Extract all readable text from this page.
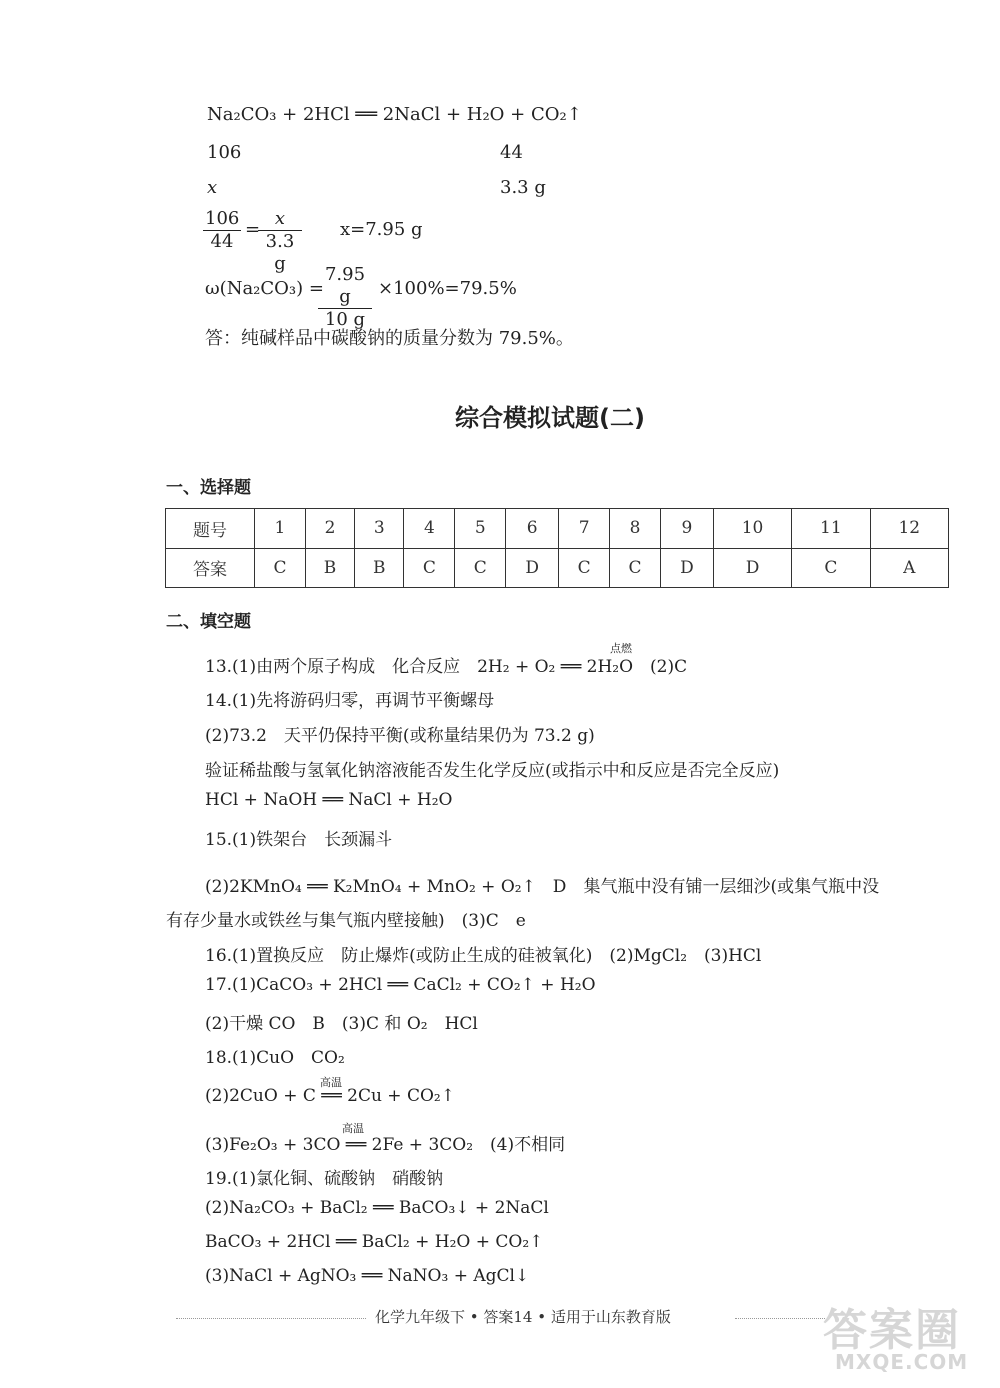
Na₂CO₃ + 2HCl ══ 2NaCl + H₂O + CO₂↑
106	44
x	3.3 g
$\frac{106}{44}$ =
$\frac{x}{3.3 g} x=7.95$ g
ω(Na₂CO₃) =
$\frac{7.95 g}{10 g} \times 100\%=79.5\%$
答：纯碱样品中碳酸钠的质量分数为 79.5%。
综合模拟试题(二)
一、选择题
题号	1	2	3	4	5	6	7	8	9	10	11	12
答案	C	B	B	C	C	D	C	C	D	D	C	A
二、填空题
13.(1)由两个原子构成　化合反应　2H₂ + O₂ ══ 2H₂O　(2)C
点燃
14.(1)先将游码归零，再调节平衡螺母
(2)73.2　天平仍保持平衡(或称量结果仍为 73.2 g)
验证稀盐酸与氢氧化钠溶液能否发生化学反应(或指示中和反应是否完全反应)
HCl + NaOH ══ NaCl + H₂O
15.(1)铁架台　长颈漏斗
(2)2KMnO₄ ══ K₂MnO₄ + MnO₂ + O₂↑　D　集气瓶中没有铺一层细沙(或集气瓶中没
有存少量水或铁丝与集气瓶内壁接触)　(3)C　e
16.(1)置换反应　防止爆炸(或防止生成的硅被氧化)　(2)MgCl₂　(3)HCl
17.(1)CaCO₃ + 2HCl ══ CaCl₂ + CO₂↑ + H₂O
(2)干燥 CO　B　(3)C 和 O₂　HCl
18.(1)CuO　CO₂
高温
(2)2CuO + C ══ 2Cu + CO₂↑
高温
(3)Fe₂O₃ + 3CO ══ 2Fe + 3CO₂　(4)不相同
19.(1)氯化铜、硫酸钠　硝酸钠
(2)Na₂CO₃ + BaCl₂ ══ BaCO₃↓ + 2NaCl
BaCO₃ + 2HCl ══ BaCl₂ + H₂O + CO₂↑
(3)NaCl + AgNO₃ ══ NaNO₃ + AgCl↓
化学九年级下 • 答案14 • 适用于山东教育版	答案圈
MXQE.COM
